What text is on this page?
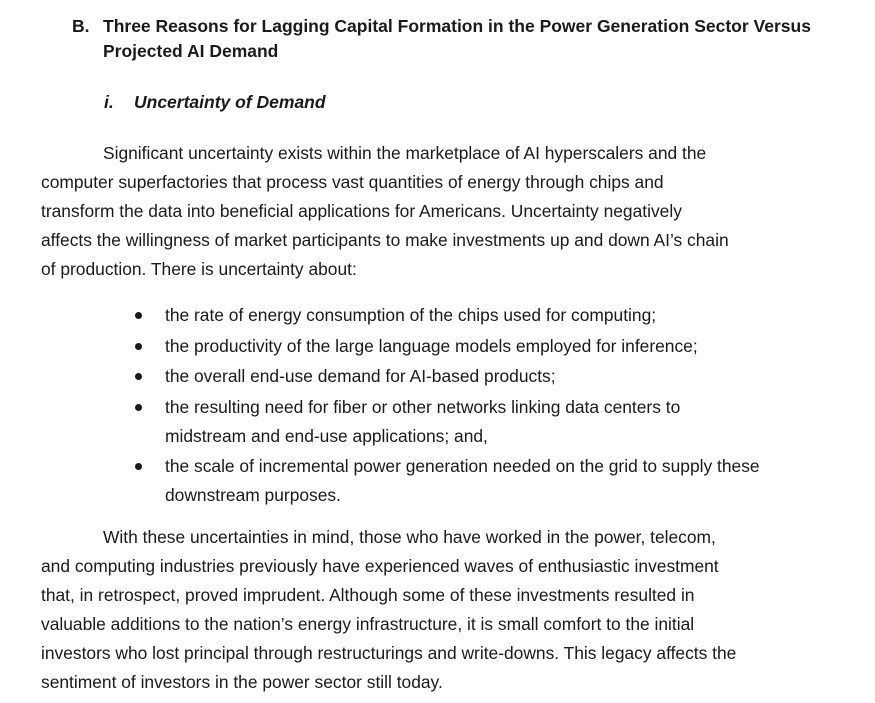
B. Three Reasons for Lagging Capital Formation in the Power Generation Sector Versus
Projected AI Demand
i.	Uncertainty of Demand

Significant uncertainty exists within the marketplace of AI hyperscalers and the
computer superfactories that process vast quantities of energy through chips and
transform the data into beneficial applications for Americans. Uncertainty negatively
affects the willingness of market participants to make investments up and down AI’s chain
of production. There is uncertainty about:

the rate of energy consumption of the chips used for computing;
the productivity of the large language models employed for inference;
the overall end-use demand for AI-based products;
the resulting need for fiber or other networks linking data centers to
midstream and end-use applications; and,
the scale of incremental power generation needed on the grid to supply these
downstream purposes.

With these uncertainties in mind, those who have worked in the power, telecom,
and computing industries previously have experienced waves of enthusiastic investment
that, in retrospect, proved imprudent. Although some of these investments resulted in
valuable additions to the nation’s energy infrastructure, it is small comfort to the initial
investors who lost principal through restructurings and write-downs. This legacy affects the
sentiment of investors in the power sector still today.
